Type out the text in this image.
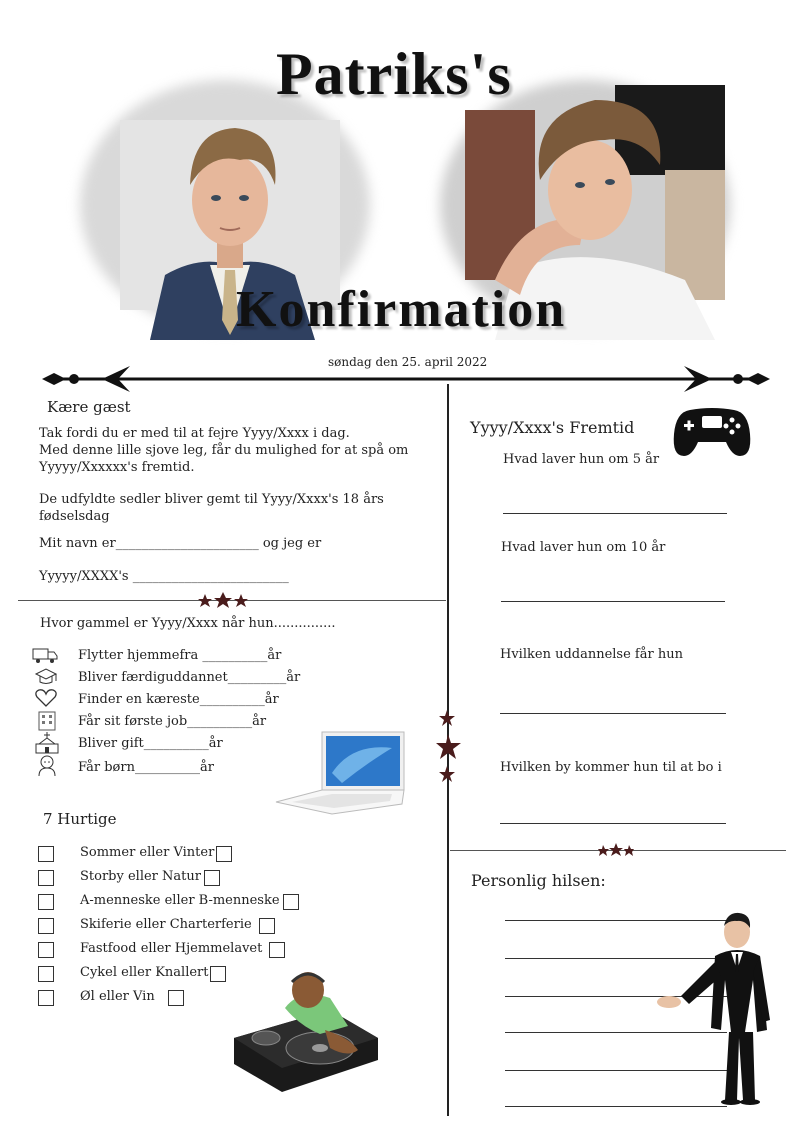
Patriks's
Konfirmation
søndag den 25. april 2022
Kære gæst
Tak fordi du er med til at fejre Yyyy/Xxxx i dag.
Med denne lille sjove leg, får du mulighed for at spå om
Yyyyy/Xxxxxx's fremtid.
De udfyldte sedler bliver gemt til Yyyy/Xxxx's 18 års
fødselsdag
Mit navn er______________________ og jeg er
Yyyyy/XXXX's ________________________
Hvor gammel er Yyyy/Xxxx når hun...............
Flytter hjemmefra __________år
Bliver færdiguddannet_________år
Finder en kæreste__________år
Får sit første job__________år
Bliver gift__________år
Får børn__________år
7 Hurtige
Sommer eller Vinter
Storby eller Natur
A-menneske eller B-menneske
Skiferie eller Charterferie
Fastfood eller Hjemmelavet
Cykel eller Knallert
Øl eller Vin
Yyyy/Xxxx's Fremtid
Hvad laver hun om 5 år
Hvad laver hun om 10 år
Hvilken uddannelse får hun
Hvilken by kommer hun til at bo i
Personlig hilsen:
